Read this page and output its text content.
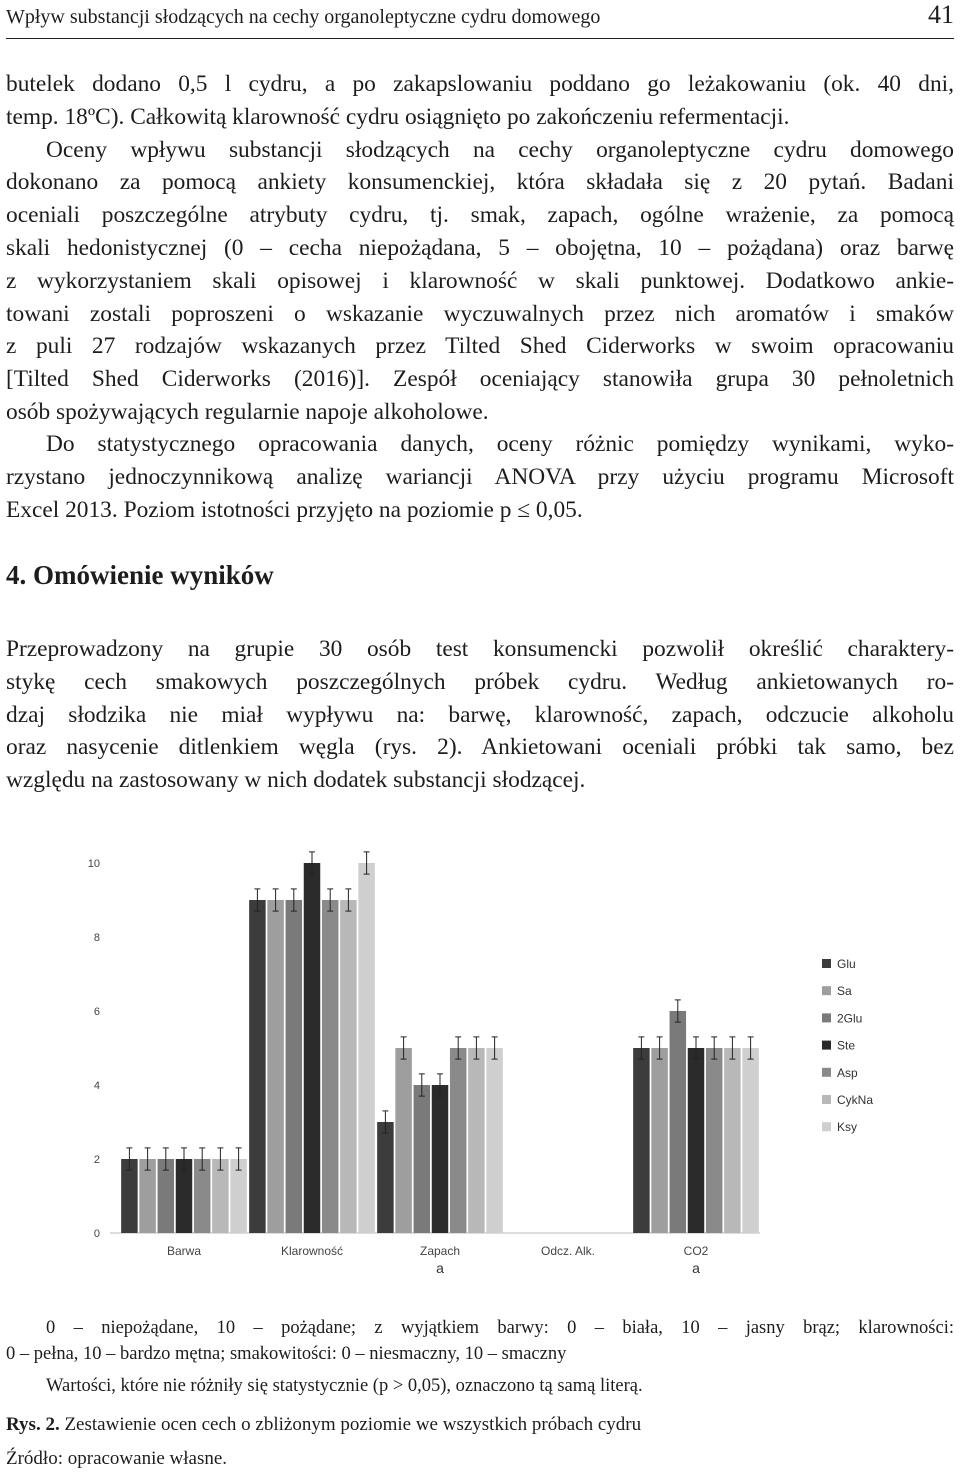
Wpływ substancji słodzących na cechy organoleptyczne cydru domowego	41
butelek dodano 0,5 l cydru, a po zakapslowaniu poddano go leżakowaniu (ok. 40 dni,
temp. 18ºC). Całkowitą klarowność cydru osiągnięto po zakończeniu refermentacji.
Oceny wpływu substancji słodzących na cechy organoleptyczne cydru domowego
dokonano za pomocą ankiety konsumenckiej, która składała się z 20 pytań. Badani
oceniali poszczególne atrybuty cydru, tj. smak, zapach, ogólne wrażenie, za pomocą
skali hedonistycznej (0 – cecha niepożądana, 5 – obojętna, 10 – pożądana) oraz barwę
z wykorzystaniem skali opisowej i klarowność w skali punktowej. Dodatkowo ankie-
towani zostali poproszeni o wskazanie wyczuwalnych przez nich aromatów i smaków
z puli 27 rodzajów wskazanych przez Tilted Shed Ciderworks w swoim opracowaniu
[Tilted Shed Ciderworks (2016)]. Zespół oceniający stanowiła grupa 30 pełnoletnich
osób spożywających regularnie napoje alkoholowe.
Do statystycznego opracowania danych, oceny różnic pomiędzy wynikami, wyko-
rzystano jednoczynnikową analizę wariancji ANOVA przy użyciu programu Microsoft
Excel 2013. Poziom istotności przyjęto na poziomie p ≤ 0,05.
4. Omówienie wyników
Przeprowadzony na grupie 30 osób test konsumencki pozwolił określić charaktery-
stykę cech smakowych poszczególnych próbek cydru. Według ankietowanych ro-
dzaj słodzika nie miał wypływu na: barwę, klarowność, zapach, odczucie alkoholu
oraz nasycenie ditlenkiem węgla (rys. 2). Ankietowani oceniali próbki tak samo, bez
względu na zastosowany w nich dodatek substancji słodzącej.
0
2
4
6
8
10
Barwa	Klarowność	Zapach
a
Odcz. Alk.	CO2
a
Glu
Sa
2Glu
Ste
Asp
CykNa
Ksy
0 – niepożądane, 10 – pożądane; z wyjątkiem barwy: 0 – biała, 10 – jasny brąz; klarowności:
0 – pełna, 10 – bardzo mętna; smakowitości: 0 – niesmaczny, 10 – smaczny
Wartości, które nie różniły się statystycznie (p > 0,05), oznaczono tą samą literą.
Rys. 2. Zestawienie ocen cech o zbliżonym poziomie we wszystkich próbach cydru
Źródło: opracowanie własne.
